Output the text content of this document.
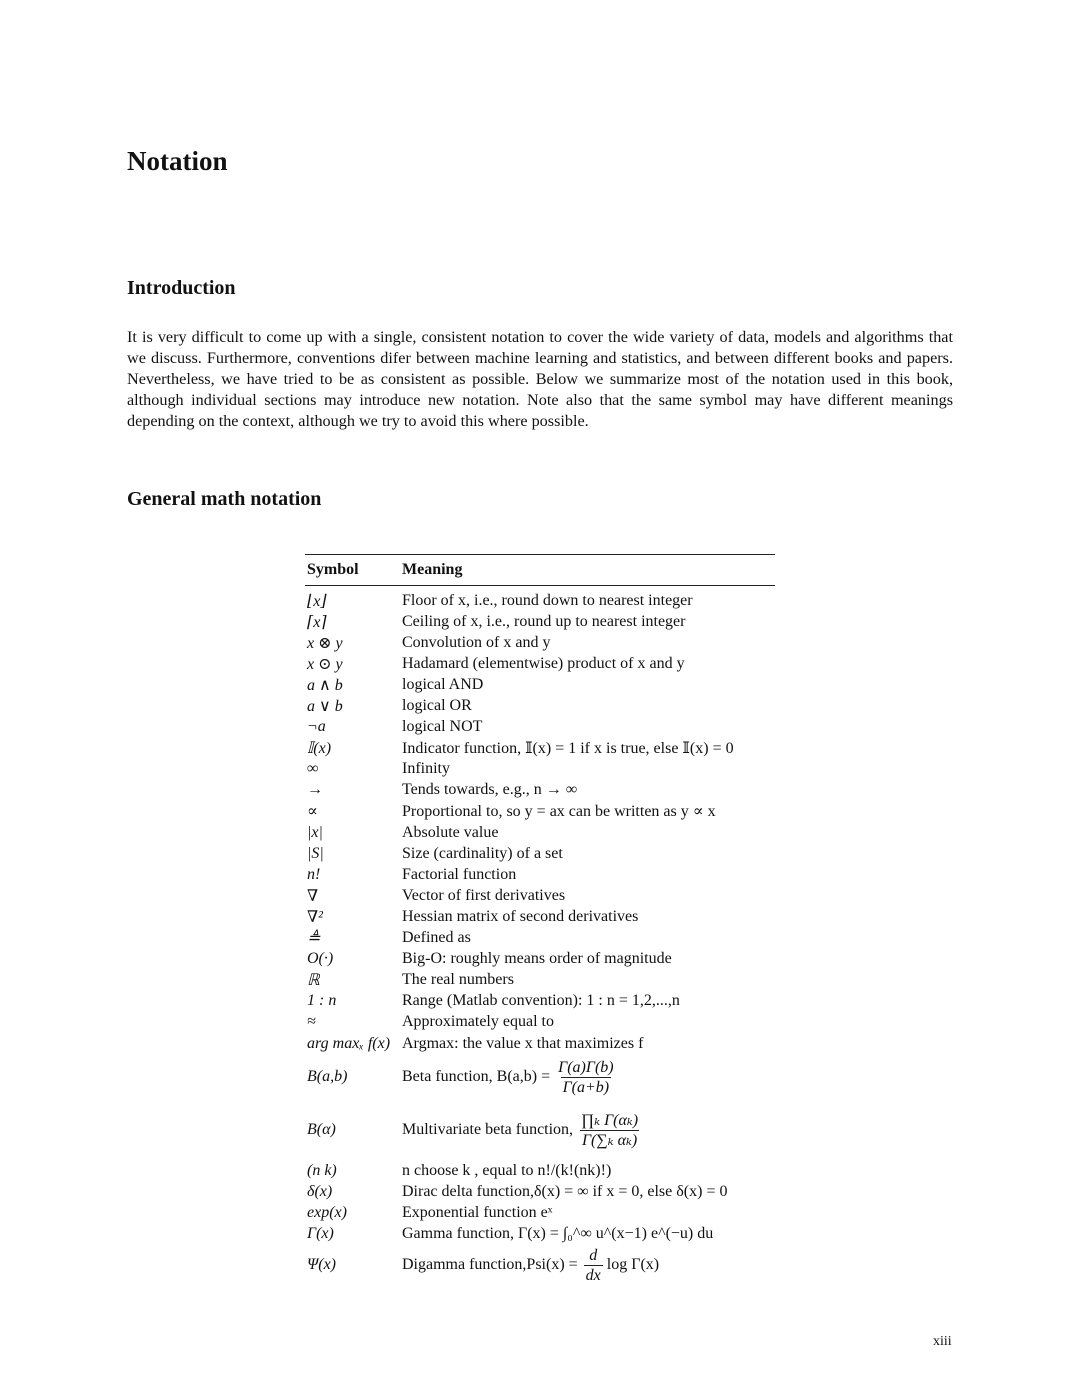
Notation
Introduction
It is very difficult to come up with a single, consistent notation to cover the wide variety of data, models and algorithms that we discuss. Furthermore, conventions difer between machine learning and statistics, and between different books and papers. Nevertheless, we have tried to be as consistent as possible. Below we summarize most of the notation used in this book, although individual sections may introduce new notation. Note also that the same symbol may have different meanings depending on the context, although we try to avoid this where possible.
General math notation
Symbol	Meaning
⌊x⌋	Floor of x, i.e., round down to nearest integer
⌈x⌉	Ceiling of x, i.e., round up to nearest integer
x ⊗ y	Convolution of x and y
x ⊙ y	Hadamard (elementwise) product of x and y
a ∧ b	logical AND
a ∨ b	logical OR
¬a	logical NOT
𝕀(x)	Indicator function, 𝕀(x) = 1 if x is true, else 𝕀(x) = 0
∞	Infinity
→	Tends towards, e.g., n → ∞
∝	Proportional to, so y = ax can be written as y ∝ x
|x|	Absolute value
|S|	Size (cardinality) of a set
n!	Factorial function
∇	Vector of first derivatives
∇²	Hessian matrix of second derivatives
≜	Defined as
O(·)	Big-O: roughly means order of magnitude
ℝ	The real numbers
1 : n	Range (Matlab convention): 1 : n = 1,2,...,n
≈	Approximately equal to
arg maxₓ f(x) Argmax: the value x that maximizes f
B(a,b)	Beta function, $B(a,b) = \frac{\Gamma(a)\Gamma(b)}{\Gamma(a+b)}$
B(α)	Multivariate beta function, $\frac{\text{∏ₖ Γ(αₖ)}}{\text{Γ(∑ₖ αₖ)}}$
(n k)	n choose k , equal to n!/(k!(nk)!)
δ(x)	Dirac delta function,δ(x) = ∞ if x = 0, else δ(x) = 0
exp(x)	Exponential function eˣ
Γ(x)	Gamma function, Γ(x) = ∫₀^∞ u^(x−1) e^(−u) du
Ψ(x)	Digamma function,Psi(x) = $\frac{d}{dx}$ log Γ(x)
xiii
